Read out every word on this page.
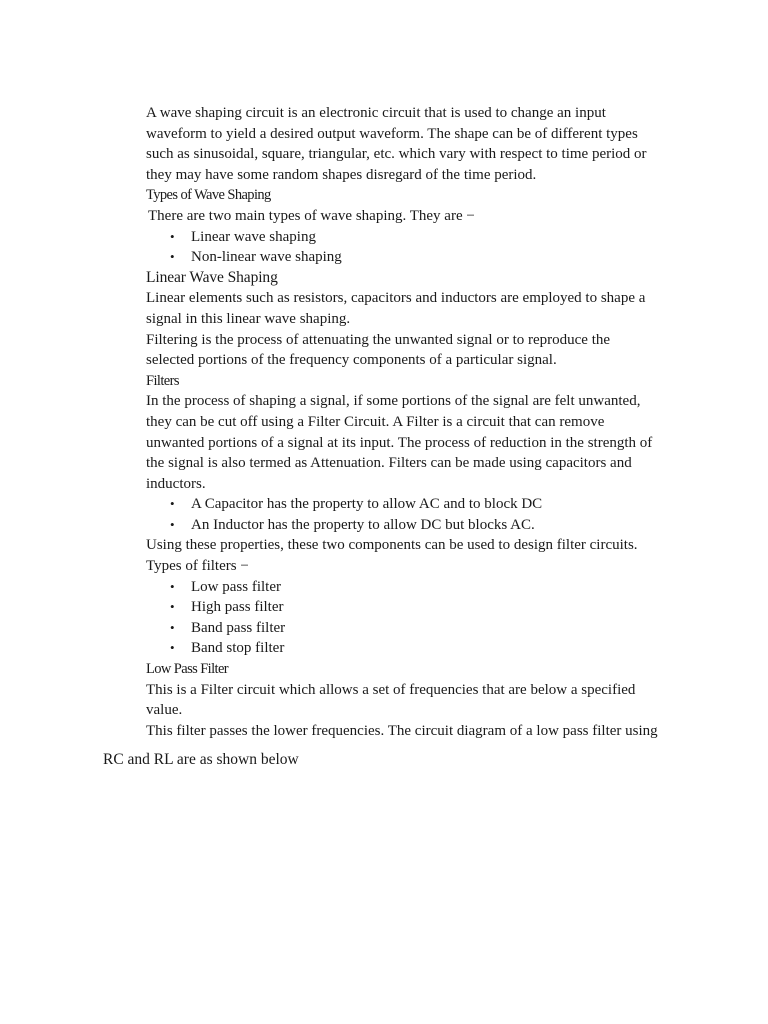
A wave shaping circuit is an electronic circuit that is used to change an input

waveform to yield a desired output waveform. The shape can be of different types

such as sinusoidal, square, triangular, etc. which vary with respect to time period or

they may have some random shapes disregard of the time period.

Types of Wave Shaping

There are two main types of wave shaping. They are −

• Linear wave shaping
• Non-linear wave shaping

Linear Wave Shaping

Linear elements such as resistors, capacitors and inductors are employed to shape a

signal in this linear wave shaping.

Filtering is the process of attenuating the unwanted signal or to reproduce the

selected portions of the frequency components of a particular signal.

Filters

In the process of shaping a signal, if some portions of the signal are felt unwanted,

they can be cut off using a Filter Circuit. A Filter is a circuit that can remove

unwanted portions of a signal at its input. The process of reduction in the strength of

the signal is also termed as Attenuation. Filters can be made using capacitors and

inductors.

• A Capacitor has the property to allow AC and to block DC
• An Inductor has the property to allow DC but blocks AC.

Using these properties, these two components can be used to design filter circuits.

Types of filters −

• Low pass filter
• High pass filter
• Band pass filter
• Band stop filter

Low Pass Filter

This is a Filter circuit which allows a set of frequencies that are below a specified

value.

This filter passes the lower frequencies. The circuit diagram of a low pass filter using

RC and RL are as shown below
